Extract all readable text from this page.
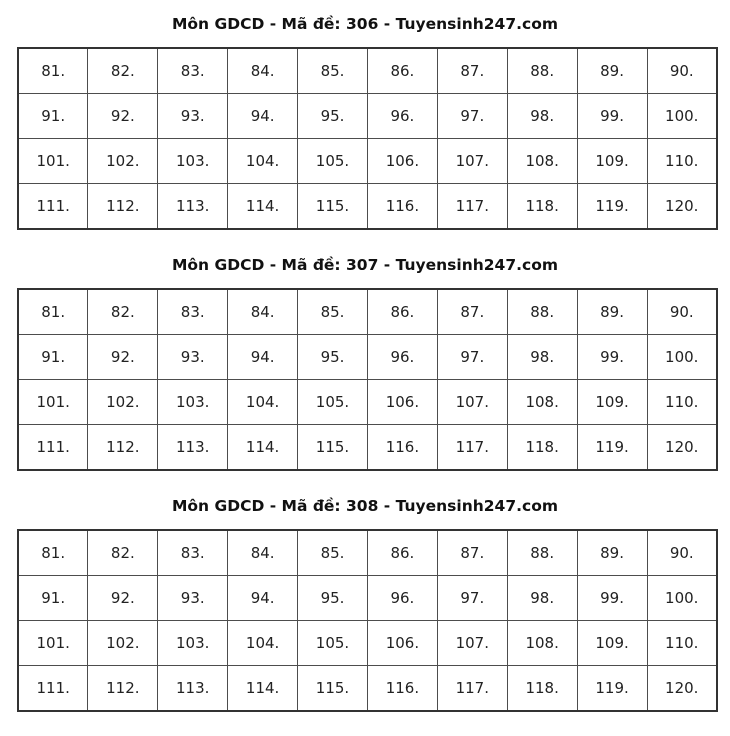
Môn GDCD - Mã đề: 306 - Tuyensinh247.com
81.	82.	83.	84.	85.	86.	87.	88.	89.	90.
91.	92.	93.	94.	95.	96.	97.	98.	99.	100.
101.	102.	103.	104.	105.	106.	107.	108.	109.	110.
111.	112.	113.	114.	115.	116.	117.	118.	119.	120.
Môn GDCD - Mã đề: 307 - Tuyensinh247.com
81.	82.	83.	84.	85.	86.	87.	88.	89.	90.
91.	92.	93.	94.	95.	96.	97.	98.	99.	100.
101.	102.	103.	104.	105.	106.	107.	108.	109.	110.
111.	112.	113.	114.	115.	116.	117.	118.	119.	120.
Môn GDCD - Mã đề: 308 - Tuyensinh247.com
81.	82.	83.	84.	85.	86.	87.	88.	89.	90.
91.	92.	93.	94.	95.	96.	97.	98.	99.	100.
101.	102.	103.	104.	105.	106.	107.	108.	109.	110.
111.	112.	113.	114.	115.	116.	117.	118.	119.	120.
